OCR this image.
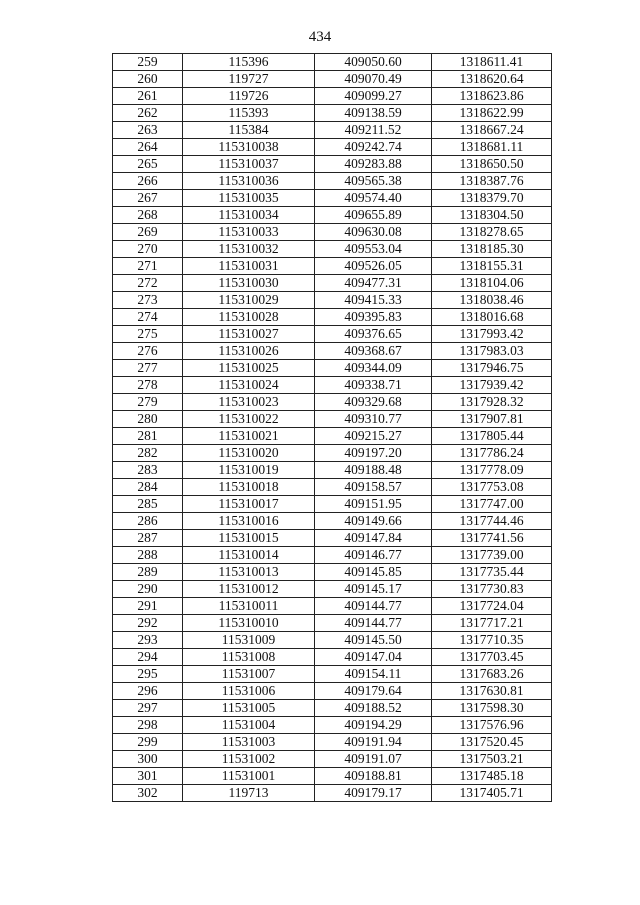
434
259	115396	409050.60	1318611.41
260	119727	409070.49	1318620.64
261	119726	409099.27	1318623.86
262	115393	409138.59	1318622.99
263	115384	409211.52	1318667.24
264	115310038	409242.74	1318681.11
265	115310037	409283.88	1318650.50
266	115310036	409565.38	1318387.76
267	115310035	409574.40	1318379.70
268	115310034	409655.89	1318304.50
269	115310033	409630.08	1318278.65
270	115310032	409553.04	1318185.30
271	115310031	409526.05	1318155.31
272	115310030	409477.31	1318104.06
273	115310029	409415.33	1318038.46
274	115310028	409395.83	1318016.68
275	115310027	409376.65	1317993.42
276	115310026	409368.67	1317983.03
277	115310025	409344.09	1317946.75
278	115310024	409338.71	1317939.42
279	115310023	409329.68	1317928.32
280	115310022	409310.77	1317907.81
281	115310021	409215.27	1317805.44
282	115310020	409197.20	1317786.24
283	115310019	409188.48	1317778.09
284	115310018	409158.57	1317753.08
285	115310017	409151.95	1317747.00
286	115310016	409149.66	1317744.46
287	115310015	409147.84	1317741.56
288	115310014	409146.77	1317739.00
289	115310013	409145.85	1317735.44
290	115310012	409145.17	1317730.83
291	115310011	409144.77	1317724.04
292	115310010	409144.77	1317717.21
293	11531009	409145.50	1317710.35
294	11531008	409147.04	1317703.45
295	11531007	409154.11	1317683.26
296	11531006	409179.64	1317630.81
297	11531005	409188.52	1317598.30
298	11531004	409194.29	1317576.96
299	11531003	409191.94	1317520.45
300	11531002	409191.07	1317503.21
301	11531001	409188.81	1317485.18
302	119713	409179.17	1317405.71
